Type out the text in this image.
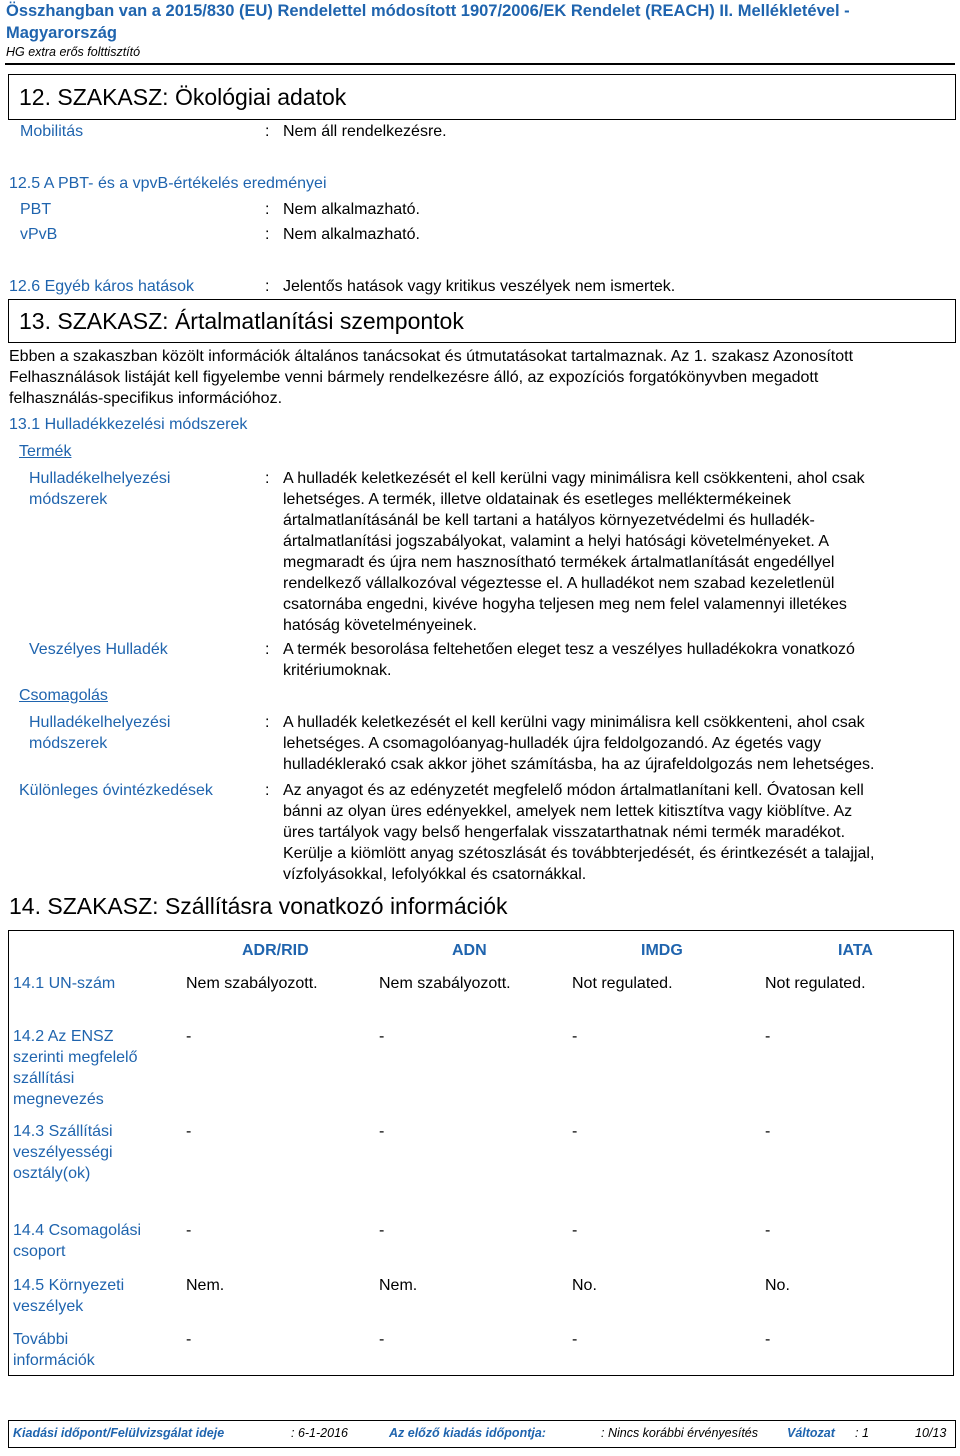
Összhangban van a 2015/830 (EU) Rendelettel módosított 1907/2006/EK Rendelet (REACH) II. Mellékletével - Magyarország
HG extra erős folttisztító
12. SZAKASZ: Ökológiai adatok
Mobilitás	: Nem áll rendelkezésre.
12.5 A PBT- és a vpvB-értékelés eredményei
PBT	: Nem alkalmazható.
vPvB	: Nem alkalmazható.
12.6 Egyéb káros hatások	: Jelentős hatások vagy kritikus veszélyek nem ismertek.
13. SZAKASZ: Ártalmatlanítási szempontok
Ebben a szakaszban közölt információk általános tanácsokat és útmutatásokat tartalmaznak. Az 1. szakasz Azonosított
Felhasználások listáját kell figyelembe venni bármely rendelkezésre álló, az expozíciós forgatókönyvben megadott
felhasználás-specifikus információhoz.
13.1 Hulladékkezelési módszerek
Termék
Hulladékelhelyezési
módszerek
: A hulladék keletkezését el kell kerülni vagy minimálisra kell csökkenteni, ahol csak
lehetséges. A termék, illetve oldatainak és esetleges melléktermékeinek
ártalmatlanításánál be kell tartani a hatályos környezetvédelmi és hulladék-
ártalmatlanítási jogszabályokat, valamint a helyi hatósági követelményeket. A
megmaradt és újra nem hasznosítható termékek ártalmatlanítását engedéllyel
rendelkező vállalkozóval végeztesse el. A hulladékot nem szabad kezeletlenül
csatornába engedni, kivéve hogyha teljesen meg nem felel valamennyi illetékes
hatóság követelményeinek.
Veszélyes Hulladék	: A termék besorolása feltehetően eleget tesz a veszélyes hulladékokra vonatkozó
kritériumoknak.
Csomagolás
Hulladékelhelyezési
módszerek
: A hulladék keletkezését el kell kerülni vagy minimálisra kell csökkenteni, ahol csak
lehetséges. A csomagolóanyag-hulladék újra feldolgozandó. Az égetés vagy
hulladéklerakó csak akkor jöhet számításba, ha az újrafeldolgozás nem lehetséges.
Különleges óvintézkedések	: Az anyagot és az edényzetét megfelelő módon ártalmatlanítani kell. Óvatosan kell
bánni az olyan üres edényekkel, amelyek nem lettek kitisztítva vagy kiöblítve. Az
üres tartályok vagy belső hengerfalak visszatarthatnak némi termék maradékot.
Kerülje a kiömlött anyag szétoszlását és továbbterjedését, és érintkezését a talajjal,
vízfolyásokkal, lefolyókkal és csatornákkal.
14. SZAKASZ: Szállításra vonatkozó információk
ADR/RID	ADN	IMDG	IATA
14.1 UN-szám	Nem szabályozott.	Nem szabályozott.	Not regulated.	Not regulated.
14.2 Az ENSZ
szerinti megfelelő
szállítási
megnevezés
-	-	-	-
14.3 Szállítási
veszélyességi
osztály(ok)
-	-	-	-
14.4 Csomagolási
csoport
-	-	-	-
14.5 Környezeti
veszélyek
Nem.	Nem.	No.	No.
További
információk
-	-	-	-
Kiadási időpont/Felülvizsgálat ideje	: 6-1-2016	Az előző kiadás időpontja:	: Nincs korábbi érvényesítés Változat : 1	10/13
